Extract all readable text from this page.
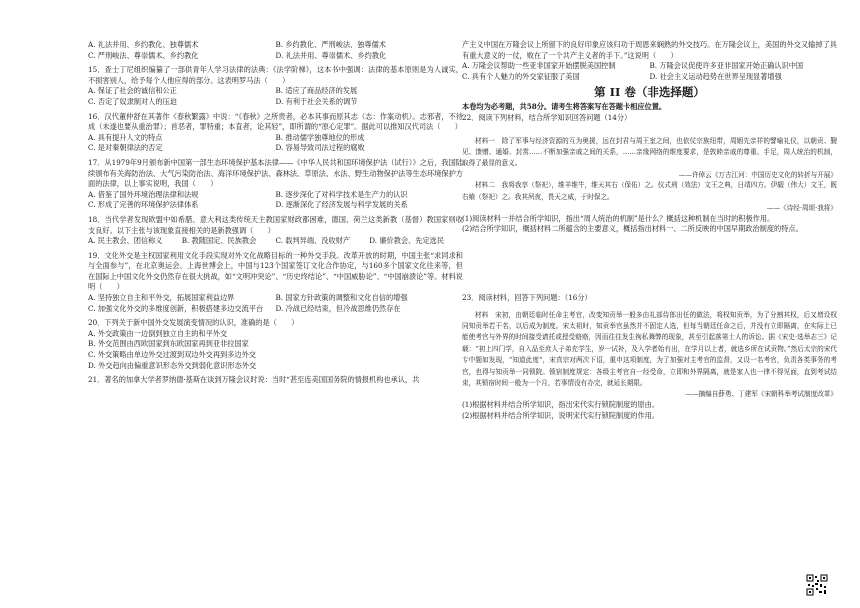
A. 礼法并用、乡约教化、独尊儒术	B. 乡约教化、严刑峻法、独尊儒术
C. 严刑峻法、尊崇儒术、乡约教化	D. 礼法并用、尊崇儒术、乡约教化

15．查士丁尼组织编纂了一部供青年人学习法律的法典：《法学阶梯》，这本书中强调：法律的基本原则是为人诚实，不损害别人，给予每个人他应得的部分。这表明罗马法（　　）

A. 保证了社会的诚信和公正	B. 适应了商品经济的发展
C. 否定了奴隶制对人的压迫	D. 有利于社会关系的调节

16．汉代董仲舒在其著作《春秋繁露》中说：“《春秋》之所贵者，必本其事而原其志（志：作案动机）。志邪者，不待成（未遂也要从重治罪）；首恶者，罪特重；本直者，论其轻”，即所谓的“原心定罪”。据此可以推知汉代司法（　　）

A. 具有提升人文的特点	B. 推动儒学独尊地位的形成
C. 是对秦朝律法的否定	D. 容易导致司法过程的腐败

17．从1979年9月颁布新中国第一部生态环境保护基本法律——《中华人民共和国环境保护法（试行）》之后，我国陆续颁布有关海防治法、大气污染防治法、海洋环境保护法、森林法、草原法、水法、野生动物保护法等生态环境保护方面的法律，以上事实说明，我国（　　）

A. 借鉴了国外环境治理法律和法规	B. 逐步深化了对科学技术是生产力的认识
C. 形成了完善的环境保护法律体系	D. 逐渐深化了经济发展与科学发展的关系

18．当代学者发现欧盟中如希腊、意大利这类传统天主教国家财政都困难，德国、荷兰这类新教（基督）教国家则收支良好。以下主张与该现象直接相关的是新教强调（　　）

A. 民主教会、团信称义	B. 教随国定、民族教会	C. 载判异端、没收财产	D. 廉价教会、先定选民

19．文化外交是主权国家利用文化手段实现对外文化战略目标的一种外交手段。改革开放的时期，中国主张“求同求和与全面参与”，在北京奥运会、上海世博会上，中国与123个国家签订文化合作协定，与160多个国家文化往来等，但在国际上中国文化外交仍然存在很大挑战，如“文明冲突论”、“历史终结论”、“中国威胁论”、“中国崩溃论”等。材料说明（　　）

A. 坚持独立自主和平外交，拓展国家利益边界	B. 国家方针政策的调整和文化自信的增强
C. 加强文化外交的多维度创新，积极搭建多边交流平台	D. 冷战已经结束，但冷战思维仍然存在

20．下列关于新中国外交发展演变情况的认识，准确的是（　　）

A. 外交政策由一边倒到独立自主的和平外交

B. 外交范围由西欧国家到东欧国家再到亚非拉国家

C. 外交策略由单边外交过渡到双边外交再到多边外交

D. 外交趋向由偏重意识形态外交到弱化意识形态外交

21．著名的加拿大学者罗纳德·基斯在谈到万隆会议时说：当时“甚至连美国国务院的情报机构也承认，共

产主义中国在万隆会议上所留下的良好印象应该归功于周恩来娴熟的外交技巧。在万隆会议上，美国的外交又输掉了具有重大意义的一仗，败在了一个共产主义者的手下。”这说明（　　）

A. 万隆会议帮助一些亚非国家开始摆脱美国控制	B. 万隆会议促使许多亚非国家开始正确认识中国
C. 具有个人魅力的外交家征服了美国	D. 社会主义运动趋势在世界呈现显著增强
第 II 卷（非选择题）

本卷均为必考题，共58分。请考生将答案写在答题卡相应位置。

22．阅读下列材料，结合所学知识回答问题（14分）

材料一　除了军事与经济资源的互为奥援，远在封君与周王室之间，也依仗宗族纽带，周姻先亲祥的譬喻礼仪，以朝贡、觐见、馈赠、通婚、封赏……不断加强亲戚之间的关系，……亲缘网络的维度要求，是敦睦亲戚的尊重、手足，周人统治的机制，取得了最显的意义。

——许倬云《万古江河：中国历史文化的转折与开展》

材料二　我将我享（祭祀），维羊维牛，维天其右（保佑）之。仪式刑（效法）文王之典，日靖四方。伊嘏（伟大）文王，既右飨（祭祀）之。我其夙夜，畏天之威，于时保之。

——《诗经·周颂·我将》

(1)阅读材料一并结合所学知识，指出“周人统治的机制”是什么？概括这种机制在当时的积极作用。

(2)结合所学知识，概括材料二所蕴含的主要意义，概括指出材料一、二所反映的中国早期政治制度的特点。

23．阅读材料，回答下列问题：（16分）

材料　宋初，由朝廷临时任命主考官，改变知贡举一般多由礼部侍郎出任的做法，将权知贡举，为了分割其权，后又增设权同知贡举若干名，以后成为制度。宋太祖时，知贡举官虽然并不固定人选，但每当朝廷任命之后，并没有立即隔离，在实际上已能使考官与外界的时间接受请托或授受赂赂，因而往往发生徇私舞弊的现象，甚至引起落第士人的诉讼。据《宋史·选举志三》记载：“初上四门学，自入品至庶人子弟充学生，岁一试补，及入学者始有出，在学月以上者，就选乡所在试贡物。”然后太宗的宋代专中题如发现，“知道此度”，宋真宗对两次下诏，重申这项制度，为了加强对主考官的监督，又设一名考官，负责各类事务的考官，也得与知贡举一同锁院。锁宿制度规定：各级主考官自一经受命，立即和外界隔离，就是家人也一律不得见面，直到考试结束，其锁宿时间一般为一个月，若事情没有办完，就延长期限。

——摘编自薛勇、丁建军《宋朝科举考试制度改革》

(1)根据材料并结合所学知识，指出宋代实行锁院制度的原由。

(2)根据材料并结合所学知识，说明宋代实行锁院制度的作用。
